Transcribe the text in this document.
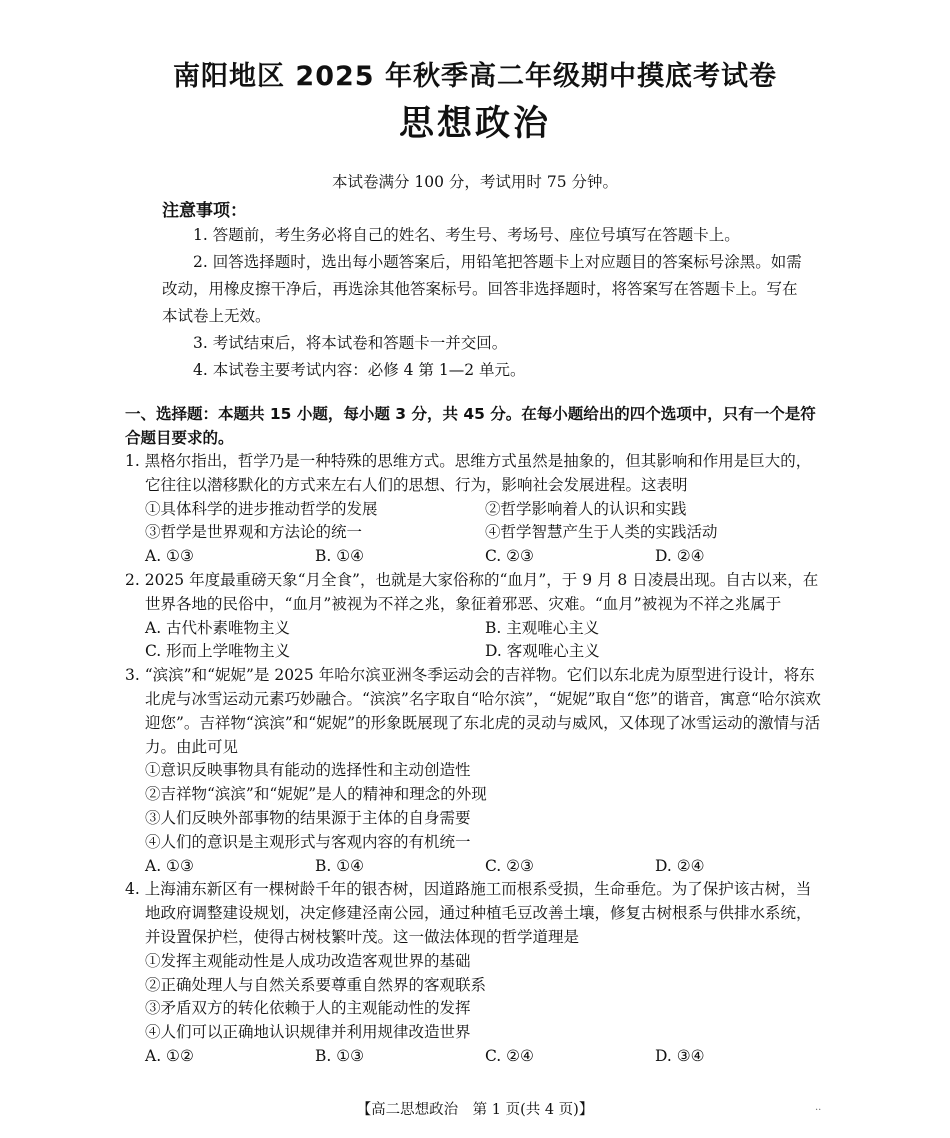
南阳地区 2025 年秋季高二年级期中摸底考试卷
思想政治
本试卷满分 100 分，考试用时 75 分钟。
注意事项：

1. 答题前，考生务必将自己的姓名、考生号、考场号、座位号填写在答题卡上。

2. 回答选择题时，选出每小题答案后，用铅笔把答题卡上对应题目的答案标号涂黑。如需改动，用橡皮擦干净后，再选涂其他答案标号。回答非选择题时，将答案写在答题卡上。写在本试卷上无效。

3. 考试结束后，将本试卷和答题卡一并交回。

4. 本试卷主要考试内容：必修 4 第 1—2 单元。

一、选择题：本题共 15 小题，每小题 3 分，共 45 分。在每小题给出的四个选项中，只有一个是符合题目要求的。

1. 黑格尔指出，哲学乃是一种特殊的思维方式。思维方式虽然是抽象的，但其影响和作用是巨大的，它往往以潜移默化的方式来左右人们的思想、行为，影响社会发展进程。这表明

①具体科学的进步推动哲学的发展	②哲学影响着人的认识和实践
③哲学是世界观和方法论的统一	④哲学智慧产生于人类的实践活动
A. ①③	B. ①④	C. ②③	D. ②④

2. 2025 年度最重磅天象“月全食”，也就是大家俗称的“血月”，于 9 月 8 日凌晨出现。自古以来，在世界各地的民俗中，“血月”被视为不祥之兆，象征着邪恶、灾难。“血月”被视为不祥之兆属于

A. 古代朴素唯物主义	B. 主观唯心主义
C. 形而上学唯物主义	D. 客观唯心主义

3. “滨滨”和“妮妮”是 2025 年哈尔滨亚洲冬季运动会的吉祥物。它们以东北虎为原型进行设计，将东北虎与冰雪运动元素巧妙融合。“滨滨”名字取自“哈尔滨”，“妮妮”取自“您”的谐音，寓意“哈尔滨欢迎您”。吉祥物“滨滨”和“妮妮”的形象既展现了东北虎的灵动与威风，又体现了冰雪运动的激情与活力。由此可见

①意识反映事物具有能动的选择性和主动创造性

②吉祥物“滨滨”和“妮妮”是人的精神和理念的外现

③人们反映外部事物的结果源于主体的自身需要

④人们的意识是主观形式与客观内容的有机统一

A. ①③	B. ①④	C. ②③	D. ②④

4. 上海浦东新区有一棵树龄千年的银杏树，因道路施工而根系受损，生命垂危。为了保护该古树，当地政府调整建设规划，决定修建泾南公园，通过种植毛豆改善土壤，修复古树根系与供排水系统，并设置保护栏，使得古树枝繁叶茂。这一做法体现的哲学道理是

①发挥主观能动性是人成功改造客观世界的基础

②正确处理人与自然关系要尊重自然界的客观联系

③矛盾双方的转化依赖于人的主观能动性的发挥

④人们可以正确地认识规律并利用规律改造世界

A. ①②	B. ①③	C. ②④	D. ③④
【高二思想政治　第 1 页(共 4 页)】	..
